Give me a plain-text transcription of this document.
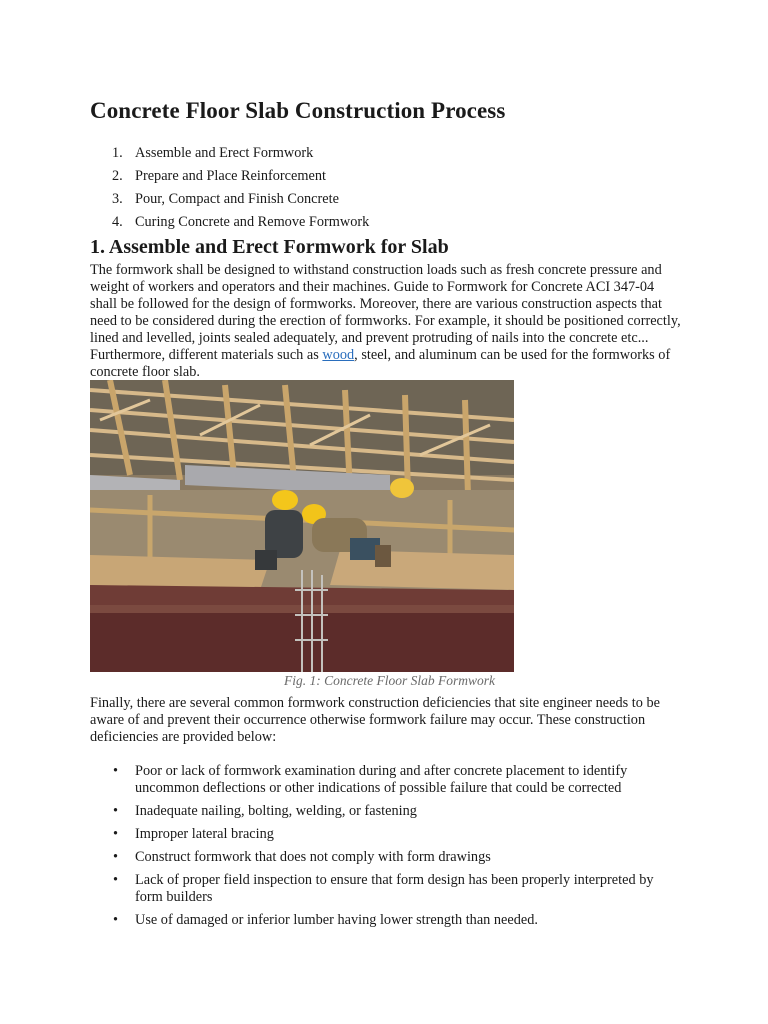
Concrete Floor Slab Construction Process
1. Assemble and Erect Formwork
2. Prepare and Place Reinforcement
3. Pour, Compact and Finish Concrete
4. Curing Concrete and Remove Formwork
1. Assemble and Erect Formwork for Slab

The formwork shall be designed to withstand construction loads such as fresh concrete pressure and weight of workers and operators and their machines. Guide to Formwork for Concrete ACI 347-04 shall be followed for the design of formworks. Moreover, there are various construction aspects that need to be considered during the erection of formworks. For example, it should be positioned correctly, lined and levelled, joints sealed adequately, and prevent protruding of nails into the concrete etc... Furthermore, different materials such as wood, steel, and aluminum can be used for the formworks of concrete floor slab.

Fig. 1: Concrete Floor Slab Formwork

Finally, there are several common formwork construction deficiencies that site engineer needs to be aware of and prevent their occurrence otherwise formwork failure may occur. These construction deficiencies are provided below:

• Poor or lack of formwork examination during and after concrete placement to identify uncommon deflections or other indications of possible failure that could be corrected
• Inadequate nailing, bolting, welding, or fastening
• Improper lateral bracing
• Construct formwork that does not comply with form drawings
• Lack of proper field inspection to ensure that form design has been properly interpreted by form builders
• Use of damaged or inferior lumber having lower strength than needed.
